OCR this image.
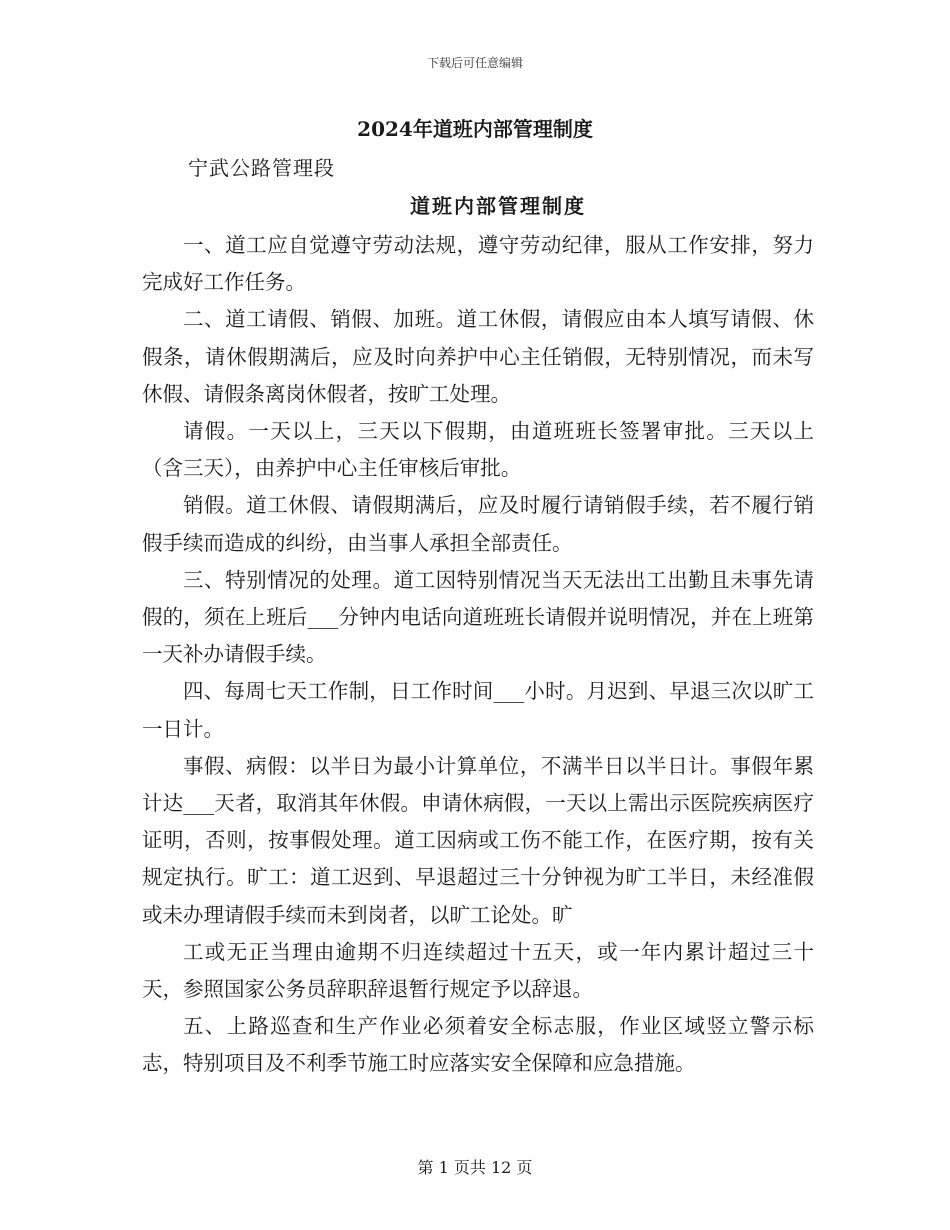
下载后可任意编辑
2024年道班内部管理制度
宁武公路管理段
道班内部管理制度

一、道工应自觉遵守劳动法规，遵守劳动纪律，服从工作安排，努力完成好工作任务。

二、道工请假、销假、加班。道工休假，请假应由本人填写请假、休假条，请休假期满后，应及时向养护中心主任销假，无特别情况，而未写休假、请假条离岗休假者，按旷工处理。

请假。一天以上，三天以下假期，由道班班长签署审批。三天以上（含三天），由养护中心主任审核后审批。

销假。道工休假、请假期满后，应及时履行请销假手续，若不履行销假手续而造成的纠纷，由当事人承担全部责任。

三、特别情况的处理。道工因特别情况当天无法出工出勤且未事先请假的，须在上班后___分钟内电话向道班班长请假并说明情况，并在上班第一天补办请假手续。

四、每周七天工作制，日工作时间___小时。月迟到、早退三次以旷工一日计。

事假、病假：以半日为最小计算单位，不满半日以半日计。事假年累计达___天者，取消其年休假。申请休病假，一天以上需出示医院疾病医疗证明，否则，按事假处理。道工因病或工伤不能工作，在医疗期，按有关规定执行。旷工：道工迟到、早退超过三十分钟视为旷工半日，未经准假或未办理请假手续而未到岗者，以旷工论处。旷

工或无正当理由逾期不归连续超过十五天，或一年内累计超过三十天，参照国家公务员辞职辞退暂行规定予以辞退。

五、上路巡查和生产作业必须着安全标志服，作业区域竖立警示标志，特别项目及不利季节施工时应落实安全保障和应急措施。

第 1 页共 12 页
